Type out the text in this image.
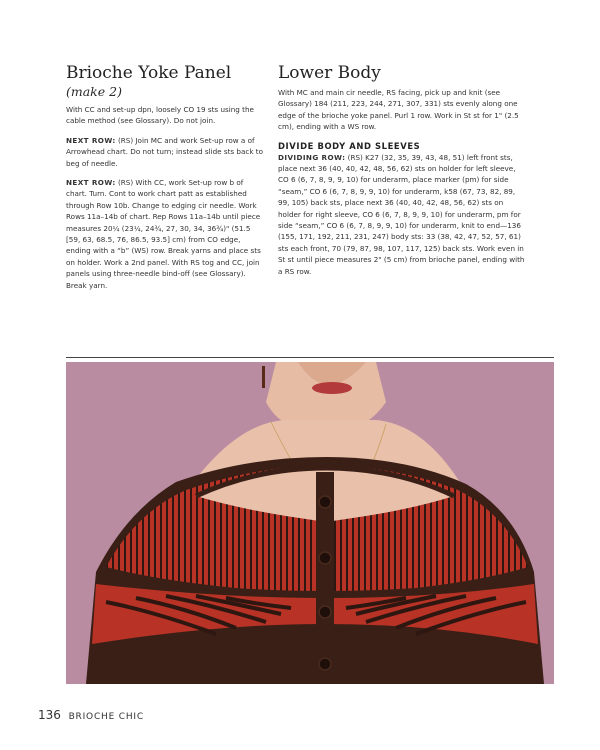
Brioche Yoke Panel
(make 2)

With CC and set-up dpn, loosely CO 19 sts using the cable method (see Glossary). Do not join.

NEXT ROW: (RS) Join MC and work Set-up row a of Arrowhead chart. Do not turn; instead slide sts back to beg of needle.

NEXT ROW: (RS) With CC, work Set-up row b of chart. Turn. Cont to work chart patt as established through Row 10b. Change to edging cir needle. Work Rows 11a–14b of chart. Rep Rows 11a–14b until piece measures 20¼ (23¼, 24¾, 27, 30, 34, 36¾)" (51.5 [59, 63, 68.5, 76, 86.5, 93.5] cm) from CO edge, ending with a “b” (WS) row. Break yarns and place sts on holder. Work a 2nd panel. With RS tog and CC, join panels using three-needle bind-off (see Glossary). Break yarn.

Lower Body

With MC and main cir needle, RS facing, pick up and knit (see Glossary) 184 (211, 223, 244, 271, 307, 331) sts evenly along one edge of the brioche yoke panel. Purl 1 row. Work in St st for 1" (2.5 cm), ending with a WS row.

DIVIDE BODY AND SLEEVES

DIVIDING ROW: (RS) K27 (32, 35, 39, 43, 48, 51) left front sts, place next 36 (40, 40, 42, 48, 56, 62) sts on holder for left sleeve, CO 6 (6, 7, 8, 9, 9, 10) for underarm, place marker (pm) for side “seam,” CO 6 (6, 7, 8, 9, 9, 10) for underarm, k58 (67, 73, 82, 89, 99, 105) back sts, place next 36 (40, 40, 42, 48, 56, 62) sts on holder for right sleeve, CO 6 (6, 7, 8, 9, 9, 10) for underarm, pm for side “seam,” CO 6 (6, 7, 8, 9, 9, 10) for underarm, knit to end—136 (155, 171, 192, 211, 231, 247) body sts: 33 (38, 42, 47, 52, 57, 61) sts each front, 70 (79, 87, 98, 107, 117, 125) back sts. Work even in St st until piece measures 2" (5 cm) from brioche panel, ending with a RS row.

136 BRIOCHE CHIC
